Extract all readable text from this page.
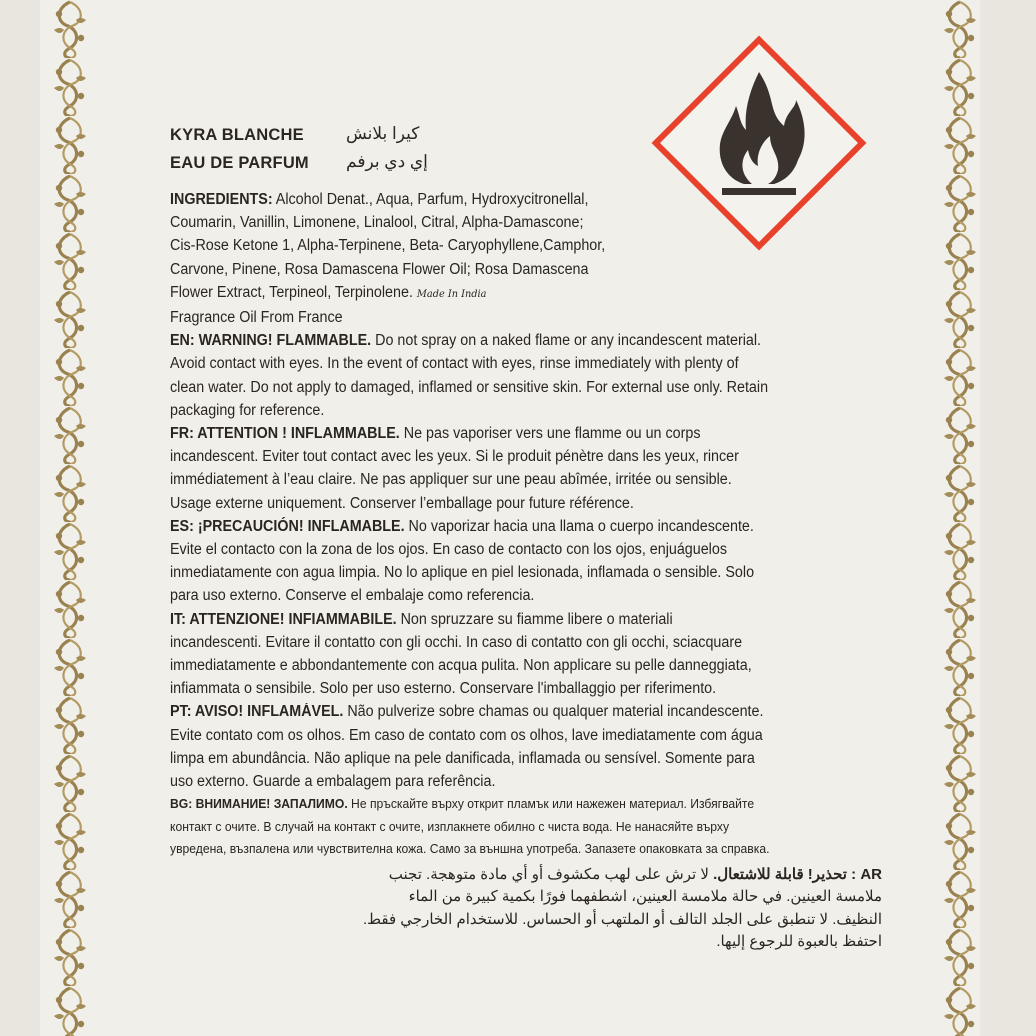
KYRA BLANCHE كيرا بلانش
EAU DE PARFUM إي دي برفم

INGREDIENTS: Alcohol Denat., Aqua, Parfum, Hydroxycitronellal,

Coumarin, Vanillin, Limonene, Linalool, Citral, Alpha-Damascone;

Cis-Rose Ketone 1, Alpha-Terpinene, Beta- Caryophyllene,Camphor,

Carvone, Pinene, Rosa Damascena Flower Oil; Rosa Damascena

Flower Extract, Terpineol, Terpinolene. Made In India

Fragrance Oil From France

EN: WARNING! FLAMMABLE. Do not spray on a naked flame or any incandescent material.

Avoid contact with eyes. In the event of contact with eyes, rinse immediately with plenty of

clean water. Do not apply to damaged, inflamed or sensitive skin. For external use only. Retain

packaging for reference.

FR: ATTENTION ! INFLAMMABLE. Ne pas vaporiser vers une flamme ou un corps

incandescent. Eviter tout contact avec les yeux. Si le produit pénètre dans les yeux, rincer

immédiatement à l’eau claire. Ne pas appliquer sur une peau abîmée, irritée ou sensible.

Usage externe uniquement. Conserver l’emballage pour future référence.

ES: ¡PRECAUCIÓN! INFLAMABLE. No vaporizar hacia una llama o cuerpo incandescente.

Evite el contacto con la zona de los ojos. En caso de contacto con los ojos, enjuáguelos

inmediatamente con agua limpia. No lo aplique en piel lesionada, inflamada o sensible. Solo

para uso externo. Conserve el embalaje como referencia.

IT: ATTENZIONE! INFIAMMABILE. Non spruzzare su fiamme libere o materiali

incandescenti. Evitare il contatto con gli occhi. In caso di contatto con gli occhi, sciacquare

immediatamente e abbondantemente con acqua pulita. Non applicare su pelle danneggiata,

infiammata o sensibile. Solo per uso esterno. Conservare l'imballaggio per riferimento.

PT: AVISO! INFLAMÁVEL. Não pulverize sobre chamas ou qualquer material incandescente.

Evite contato com os olhos. Em caso de contato com os olhos, lave imediatamente com água

limpa em abundância. Não aplique na pele danificada, inflamada ou sensível. Somente para

uso externo. Guarde a embalagem para referência.

BG: ВНИМАНИЕ! ЗАПАЛИМО. Не пръскайте върху открит пламък или нажежен материал. Избягвайте

контакт с очите. В случай на контакт с очите, изплакнете обилно с чиста вода. Не нанасяйте върху

увредена, възпалена или чувствителна кожа. Само за външна употреба. Запазете опаковката за справка.

AR : تحذير! قابلة للاشتعال. لا ترش على لهب مكشوف أو أي مادة متوهجة. تجنب

ملامسة العينين. في حالة ملامسة العينين، اشطفهما فورًا بكمية كبيرة من الماء

النظيف. لا تنطبق على الجلد التالف أو الملتهب أو الحساس. للاستخدام الخارجي فقط.

احتفظ بالعبوة للرجوع إليها.
